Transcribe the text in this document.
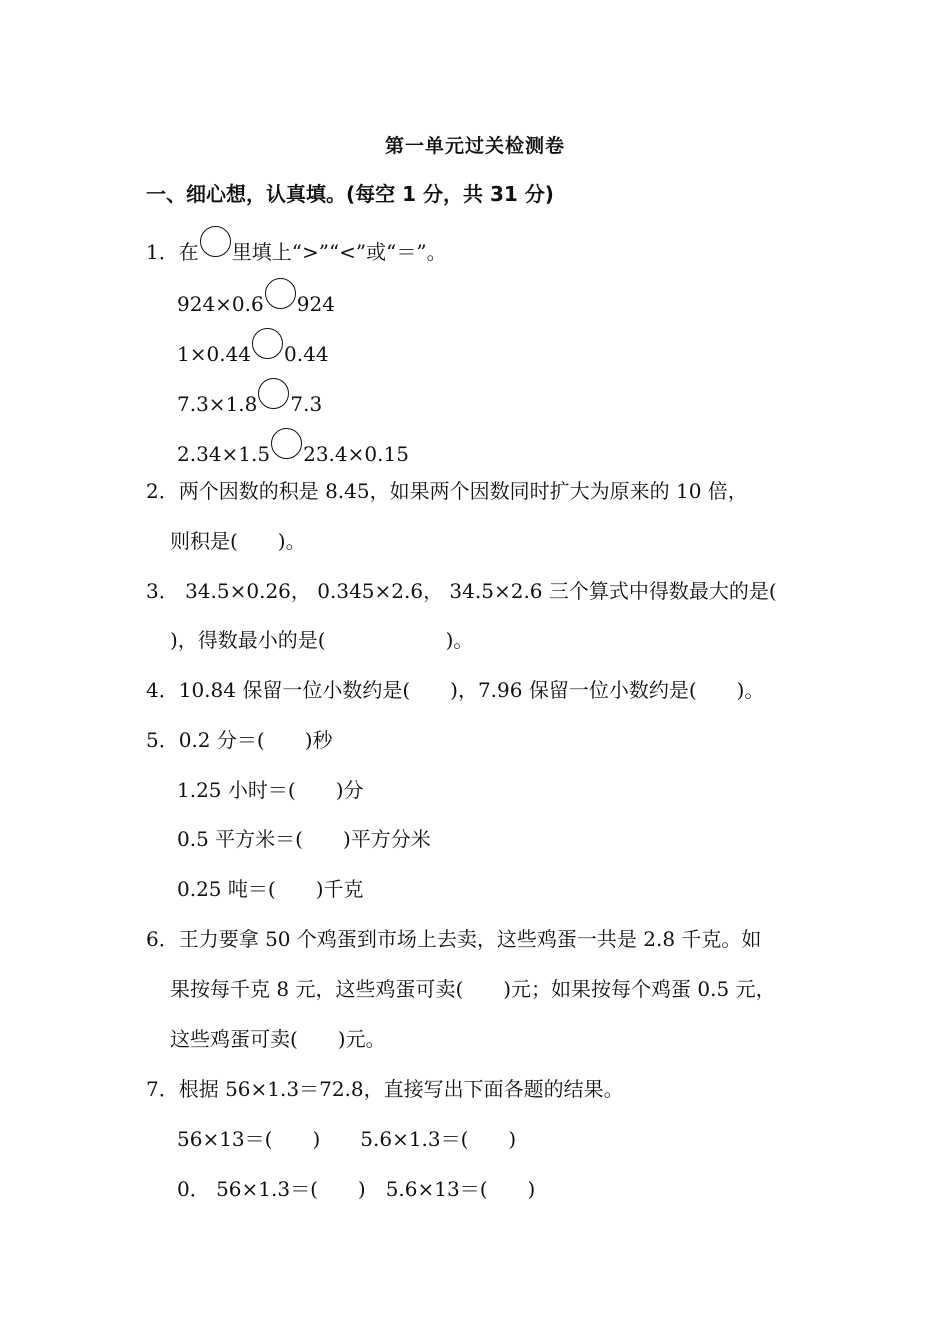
第一单元过关检测卷
一、细心想，认真填。(每空 1 分，共 31 分)
1．在 里填上“>”“<”或“＝”。
924×0.6 924
1×0.44 0.44
7.3×1.8 7.3
2.34×1.5 23.4×0.15
2．两个因数的积是 8.45，如果两个因数同时扩大为原来的 10 倍，
则积是(　　)。
3． 34.5×0.26， 0.345×2.6， 34.5×2.6 三个算式中得数最大的是(
)，得数最小的是(　　　　　　)。
4．10.84 保留一位小数约是(　　)，7.96 保留一位小数约是(　　)。
5．0.2 分＝(　　)秒
1.25 小时＝(　　)分
0.5 平方米＝(　　)平方分米
0.25 吨＝(　　)千克
6．王力要拿 50 个鸡蛋到市场上去卖，这些鸡蛋一共是 2.8 千克。如
果按每千克 8 元，这些鸡蛋可卖(　　)元；如果按每个鸡蛋 0.5 元，
这些鸡蛋可卖(　　)元。
7．根据 56×1.3＝72.8，直接写出下面各题的结果。
56×13＝(　　)　　5.6×1.3＝(　　)
0． 56×1.3＝(　　)　5.6×13＝(　　)
